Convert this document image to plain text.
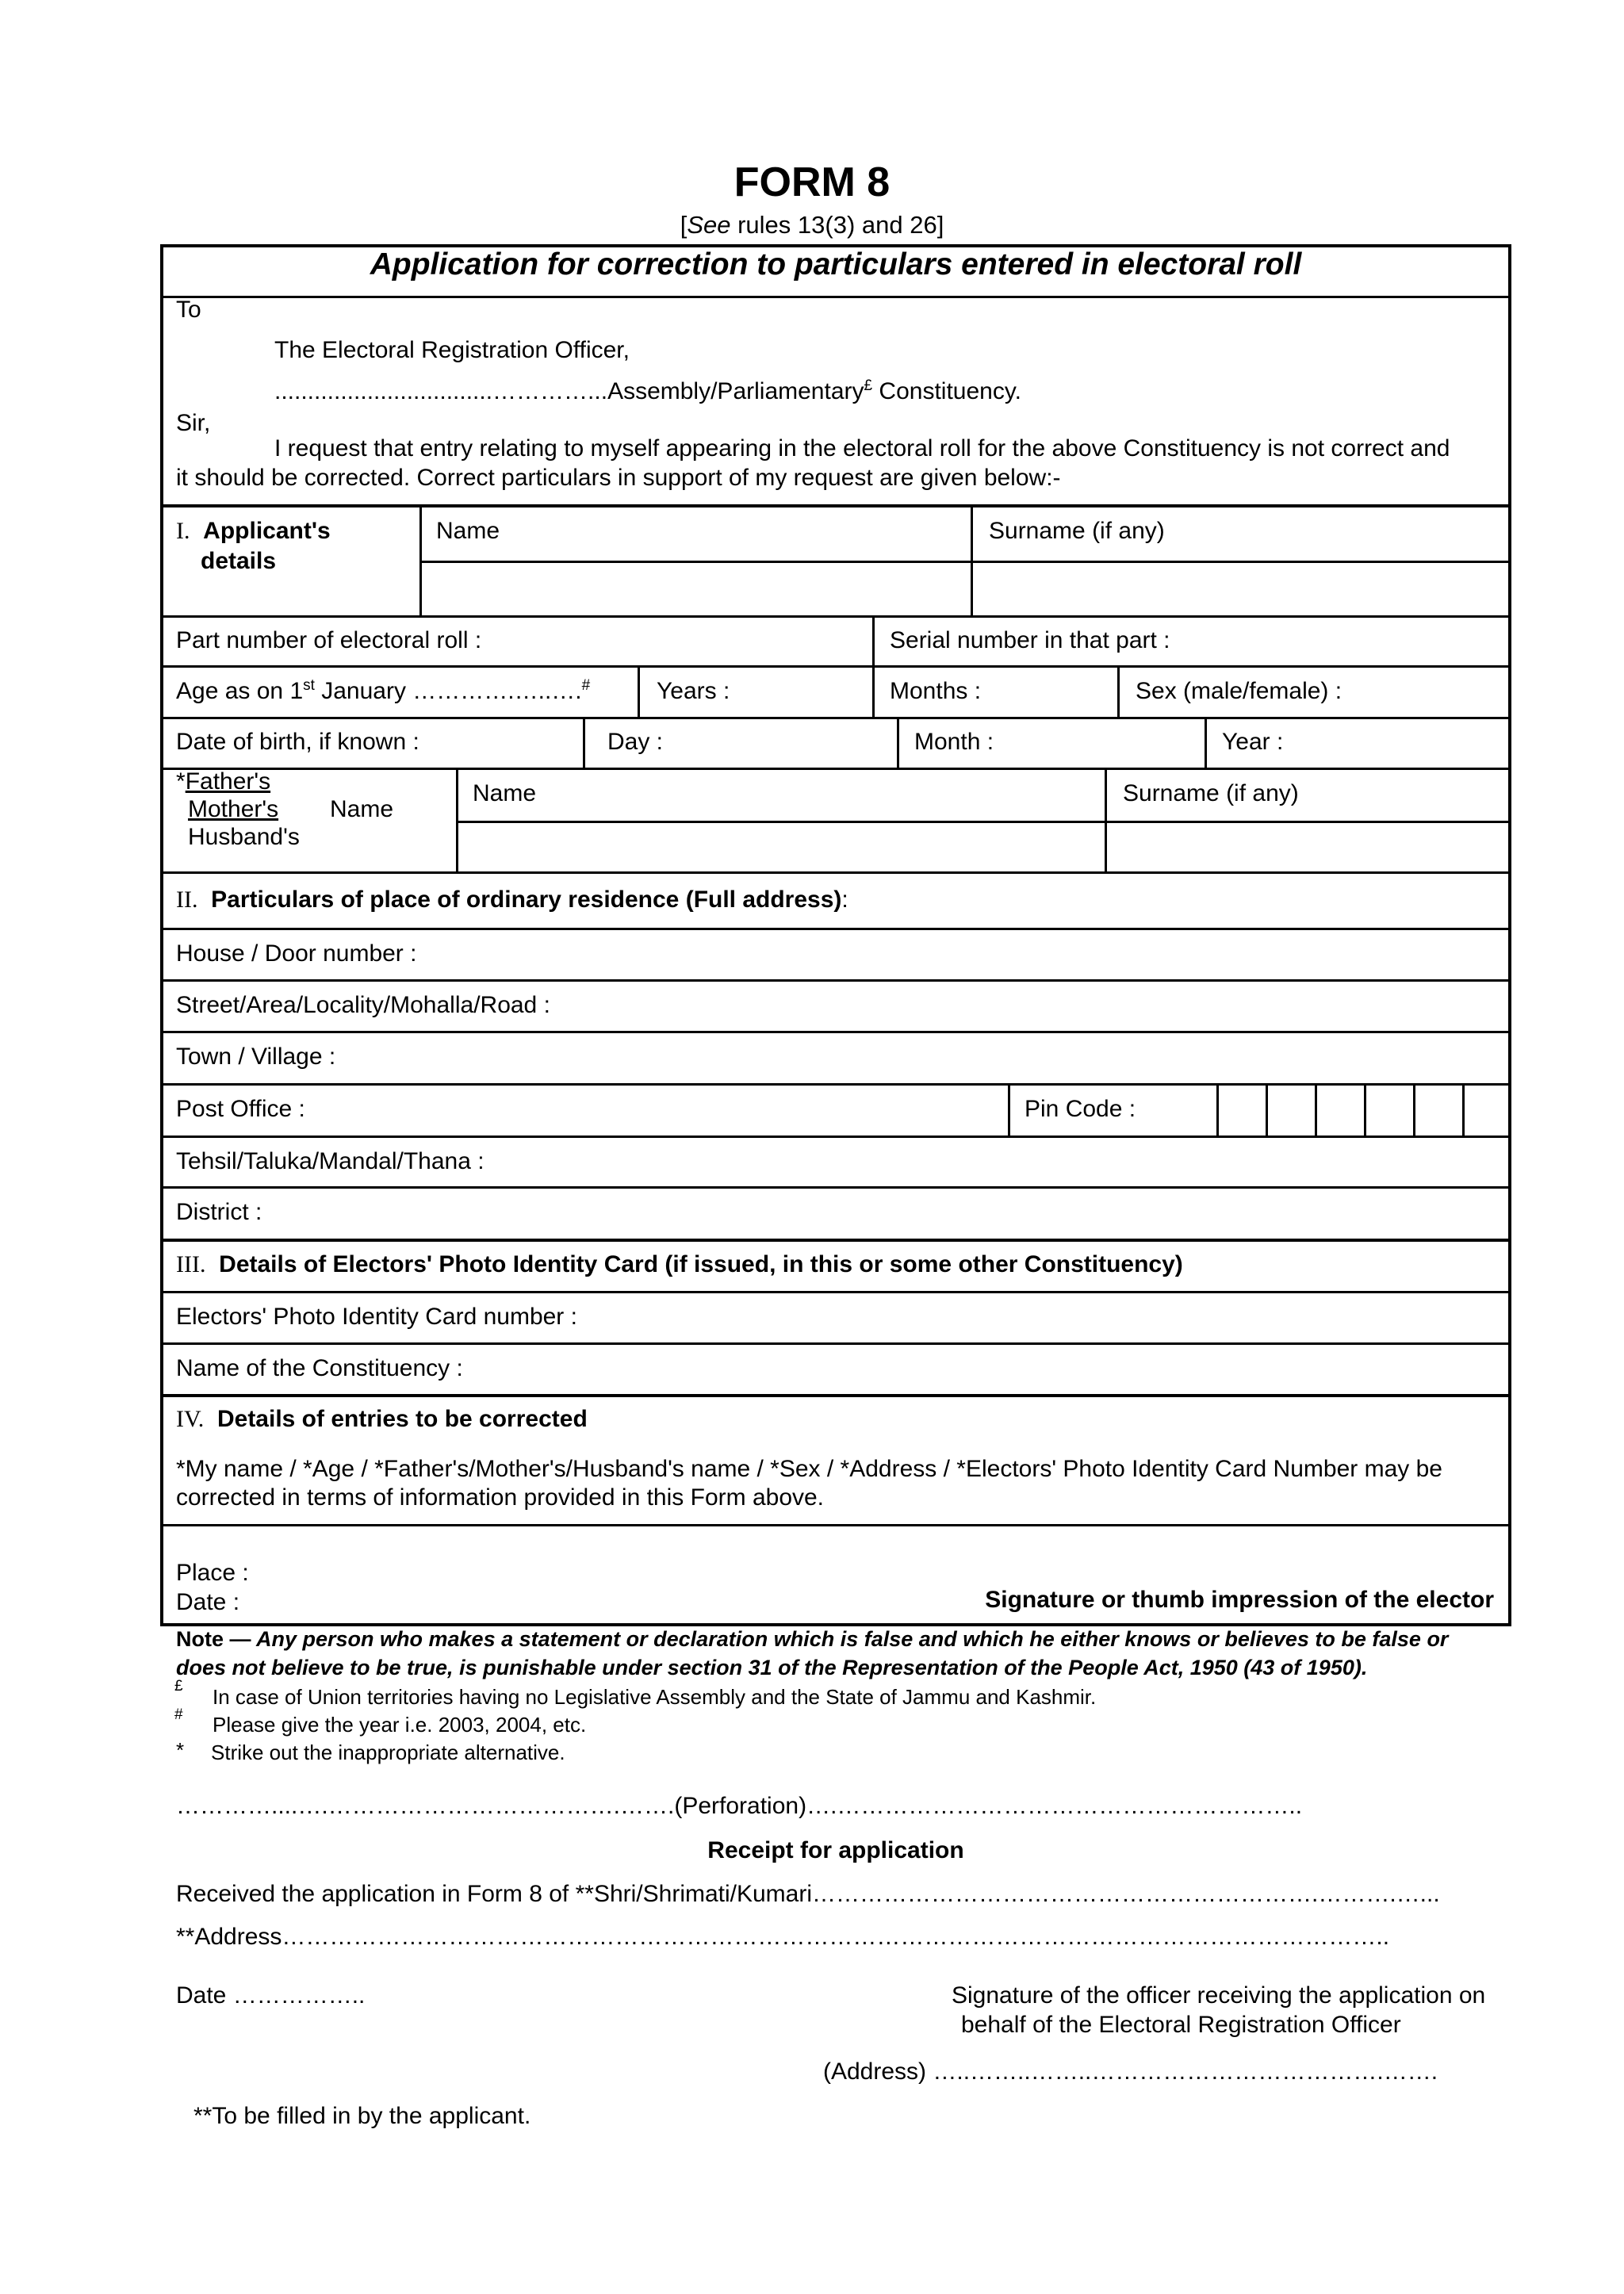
FORM 8
[See rules 13(3) and 26]
Application for correction to particulars entered in electoral roll
To
The Electoral Registration Officer,
.................................…………...Assembly/Parliamentary£ Constituency.
Sir,
I request that entry relating to myself appearing in the electoral roll for the above Constituency is not correct and
it should be corrected. Correct particulars in support of my request are given below:-
I. Applicant's
details
Name	Surname (if any)
Part number of electoral roll :	Serial number in that part :
Age as on 1st January ………….…..….#	Years :	Months :	Sex (male/female) :
Date of birth, if known :	Day :	Month :	Year :
*Father's
Mother's Name
Husband's
Name	Surname (if any)
II. Particulars of place of ordinary residence (Full address):
House / Door number :
Street/Area/Locality/Mohalla/Road :
Town / Village :
Post Office :	Pin Code :
Tehsil/Taluka/Mandal/Thana :
District :
III. Details of Electors' Photo Identity Card (if issued, in this or some other Constituency)
Electors' Photo Identity Card number :
Name of the Constituency :
IV. Details of entries to be corrected
*My name / *Age / *Father's/Mother's/Husband's name / *Sex / *Address / *Electors' Photo Identity Card Number may be
corrected in terms of information provided in this Form above.
Place :
Date :	Signature or thumb impression of the elector
Note — Any person who makes a statement or declaration which is false and which he either knows or believes to be false or
does not believe to be true, is punishable under section 31 of the Representation of the People Act, 1950 (43 of 1950).
£ In case of Union territories having no Legislative Assembly and the State of Jammu and Kashmir.
# Please give the year i.e. 2003, 2004, etc.
* Strike out the inappropriate alternative.
…………....….……………………………….…….(Perforation)….…………………………………………………..
Receipt for application
Received the application in Form 8 of **Shri/Shrimati/Kumari……………………………………………………….……….…...
**Address…………………………………………………………………………………………………………………………..
Date ……………..	Signature of the officer receiving the application on
behalf of the Electoral Registration Officer
(Address) …..……..……..……………………………….…….
**To be filled in by the applicant.
